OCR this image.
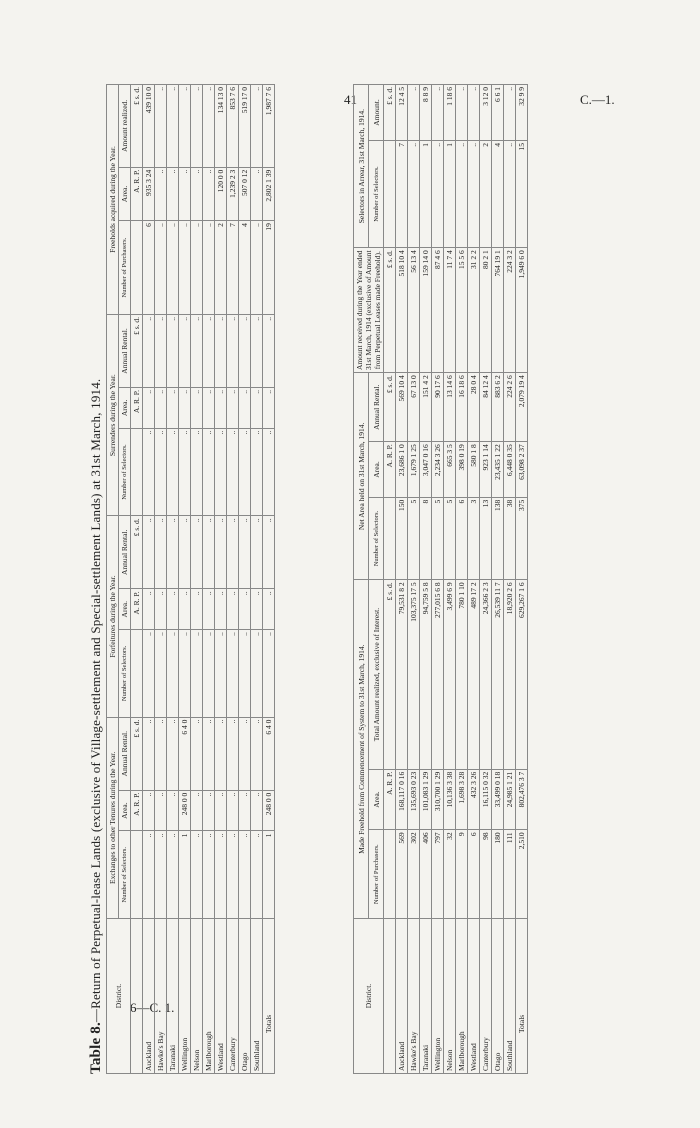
41	C.—1.
6—C. 1.
Table 8.—Return of Perpetual-lease Lands (exclusive of Village-settlement and Special-settlement Lands) at 31st March, 1914. District.	Exchanges to other Tenures during the Year.			Forfeitures during the Year.			Surrenders during the Year.			Freeholds acquired during the Year.		
	Number of Selectors.	Area.	Annual Rental.	Number of Selectors.	Area.	Annual Rental.	Number of Selectors.	Area.	Annual Rental.	Number of Purchasers.	Area.	Amount realized.
		A. R. P.	£ s. d.		A. R. P.	£ s. d.		A. R. P.	£ s. d.		A. R. P.	£ s. d.
Auckland	..	..	..	..	..	..	..	..	..	6	935 3 24	439 10 0
Hawke's Bay	..	..	..	..	..	..	..	..	..	..	..	..
Taranaki	..	..	..	..	..	..	..	..	..	..	..	..
Wellington	1	248 0 0	6 4 0	..	..	..	..	..	..	..	..	..
Nelson	..	..	..	..	..	..	..	..	..	..	..	..
Marlborough	..	..	..	..	..	..	..	..	..	..	..	..
Westland	..	..	..	..	..	..	..	..	..	2	120 0 0	134 13 0
Canterbury	..	..	..	..	..	..	..	..	..	7	1,239 2 3	853 7 6
Otago	..	..	..	..	..	..	..	..	..	4	507 0 12	519 17 0
Southland	..	..	..	..	..	..	..	..	..	..	..	..
Totals	1	248 0 0	6 4 0	..	..	..	..	..	..	19	2,802 1 39	1,987 7 6
District.	Made Freehold from Commencement of System to 31st March, 1914.			Net Area held on 31st March, 1914.			Amount received during the Year ended 31st March, 1914 (exclusive of Amount from Perpetual Leases made Freehold).	Selectors in Arrear, 31st March, 1914.	
	Number of Purchasers.	Area.	Total Amount realized, exclusive of Interest.	Number of Selectors.	Area.	Annual Rental.		Number of Selectors.	Amount.
		A. R. P.	£ s. d.		A. R. P.	£ s. d.	£ s. d.		£ s. d.
Auckland	569	168,117 0 16	79,531 8 2	150	23,686 1 0	569 10 4	518 10 4	7	12 4 5
Hawke's Bay	302	135,693 0 23	103,375 17 5	5	1,679 1 25	67 13 0	56 13 4	..	..
Taranaki	406	101,083 1 29	94,759 5 8	8	3,047 0 16	151 4 2	159 14 0	1	8 8 9
Wellington	797	310,700 1 29	277,015 6 8	5	2,234 3 26	90 17 6	87 4 6	..	..
Nelson	32	10,136 3 38	3,499 6 9	5	665 3 5	13 14 6	11 7 4	1	1 18 6
Marlborough	9	1,698 3 28	780 1 10	6	398 0 19	16 18 6	15 5 6	..	..
Westland	6	432 3 26	489 17 2	3	580 1 8	28 0 4	31 2 2	..	..
Canterbury	98	16,115 0 32	24,366 2 3	13	923 1 14	84 12 4	80 2 1	2	3 12 0
Otago	180	33,499 0 18	26,539 11 7	138	23,435 1 22	883 6 2	764 19 1	4	6 6 1
Southland	111	24,985 1 21	18,920 2 6	38	6,448 0 35	224 2 6	224 3 2	..	..
Totals	2,510	802,476 3 7	629,267 1 6	375	63,098 2 37	2,079 19 4	1,949 6 0	15	32 9 9
